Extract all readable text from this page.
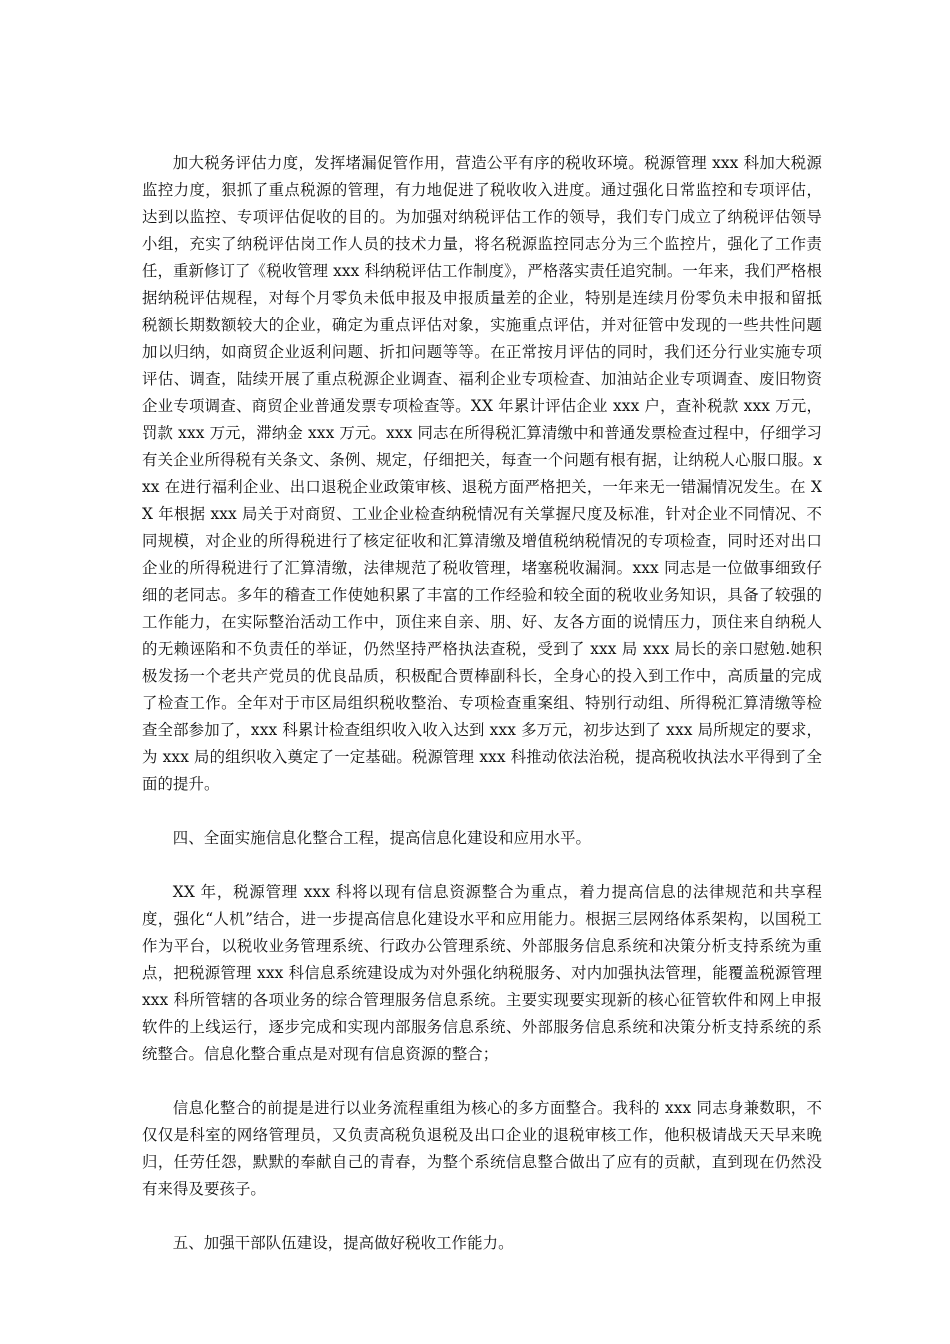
加大税务评估力度，发挥堵漏促管作用，营造公平有序的税收环境。税源管理 xxx 科加大税源监控力度，狠抓了重点税源的管理，有力地促进了税收收入进度。通过强化日常监控和专项评估，达到以监控、专项评估促收的目的。为加强对纳税评估工作的领导，我们专门成立了纳税评估领导小组，充实了纳税评估岗工作人员的技术力量，将名税源监控同志分为三个监控片，强化了工作责任，重新修订了《税收管理 xxx 科纳税评估工作制度》，严格落实责任追究制。一年来，我们严格根据纳税评估规程，对每个月零负未低申报及申报质量差的企业，特别是连续月份零负未申报和留抵税额长期数额较大的企业，确定为重点评估对象，实施重点评估，并对征管中发现的一些共性问题加以归纳，如商贸企业返利问题、折扣问题等等。在正常按月评估的同时，我们还分行业实施专项评估、调查，陆续开展了重点税源企业调查、福利企业专项检查、加油站企业专项调查、废旧物资企业专项调查、商贸企业普通发票专项检查等。XX 年累计评估企业 xxx 户，查补税款 xxx 万元，罚款 xxx 万元，滞纳金 xxx 万元。xxx 同志在所得税汇算清缴中和普通发票检查过程中，仔细学习有关企业所得税有关条文、条例、规定，仔细把关，每查一个问题有根有据，让纳税人心服口服。xxx 在进行福利企业、出口退税企业政策审核、退税方面严格把关，一年来无一错漏情况发生。在 XX 年根据 xxx 局关于对商贸、工业企业检查纳税情况有关掌握尺度及标准，针对企业不同情况、不同规模，对企业的所得税进行了核定征收和汇算清缴及增值税纳税情况的专项检查，同时还对出口企业的所得税进行了汇算清缴，法律规范了税收管理，堵塞税收漏洞。xxx 同志是一位做事细致仔细的老同志。多年的稽查工作使她积累了丰富的工作经验和较全面的税收业务知识，具备了较强的工作能力，在实际整治活动工作中，顶住来自亲、朋、好、友各方面的说情压力，顶住来自纳税人的无赖诬陷和不负责任的举证，仍然坚持严格执法查税，受到了 xxx 局 xxx 局长的亲口慰勉.她积极发扬一个老共产党员的优良品质，积极配合贾棒副科长，全身心的投入到工作中，高质量的完成了检查工作。全年对于市区局组织税收整治、专项检查重案组、特别行动组、所得税汇算清缴等检查全部参加了，xxx 科累计检查组织收入收入达到 xxx 多万元，初步达到了 xxx 局所规定的要求，为 xxx 局的组织收入奠定了一定基础。税源管理 xxx 科推动依法治税，提高税收执法水平得到了全面的提升。

四、全面实施信息化整合工程，提高信息化建设和应用水平。

XX 年，税源管理 xxx 科将以现有信息资源整合为重点，着力提高信息的法律规范和共享程度，强化“人机”结合，进一步提高信息化建设水平和应用能力。根据三层网络体系架构，以国税工作为平台，以税收业务管理系统、行政办公管理系统、外部服务信息系统和决策分析支持系统为重点，把税源管理 xxx 科信息系统建设成为对外强化纳税服务、对内加强执法管理，能覆盖税源管理 xxx 科所管辖的各项业务的综合管理服务信息系统。主要实现要实现新的核心征管软件和网上申报软件的上线运行，逐步完成和实现内部服务信息系统、外部服务信息系统和决策分析支持系统的系统整合。信息化整合重点是对现有信息资源的整合；

信息化整合的前提是进行以业务流程重组为核心的多方面整合。我科的 xxx 同志身兼数职，不仅仅是科室的网络管理员，又负责高税负退税及出口企业的退税审核工作，他积极请战天天早来晚归，任劳任怨，默默的奉献自己的青春，为整个系统信息整合做出了应有的贡献，直到现在仍然没有来得及要孩子。

五、加强干部队伍建设，提高做好税收工作能力。
